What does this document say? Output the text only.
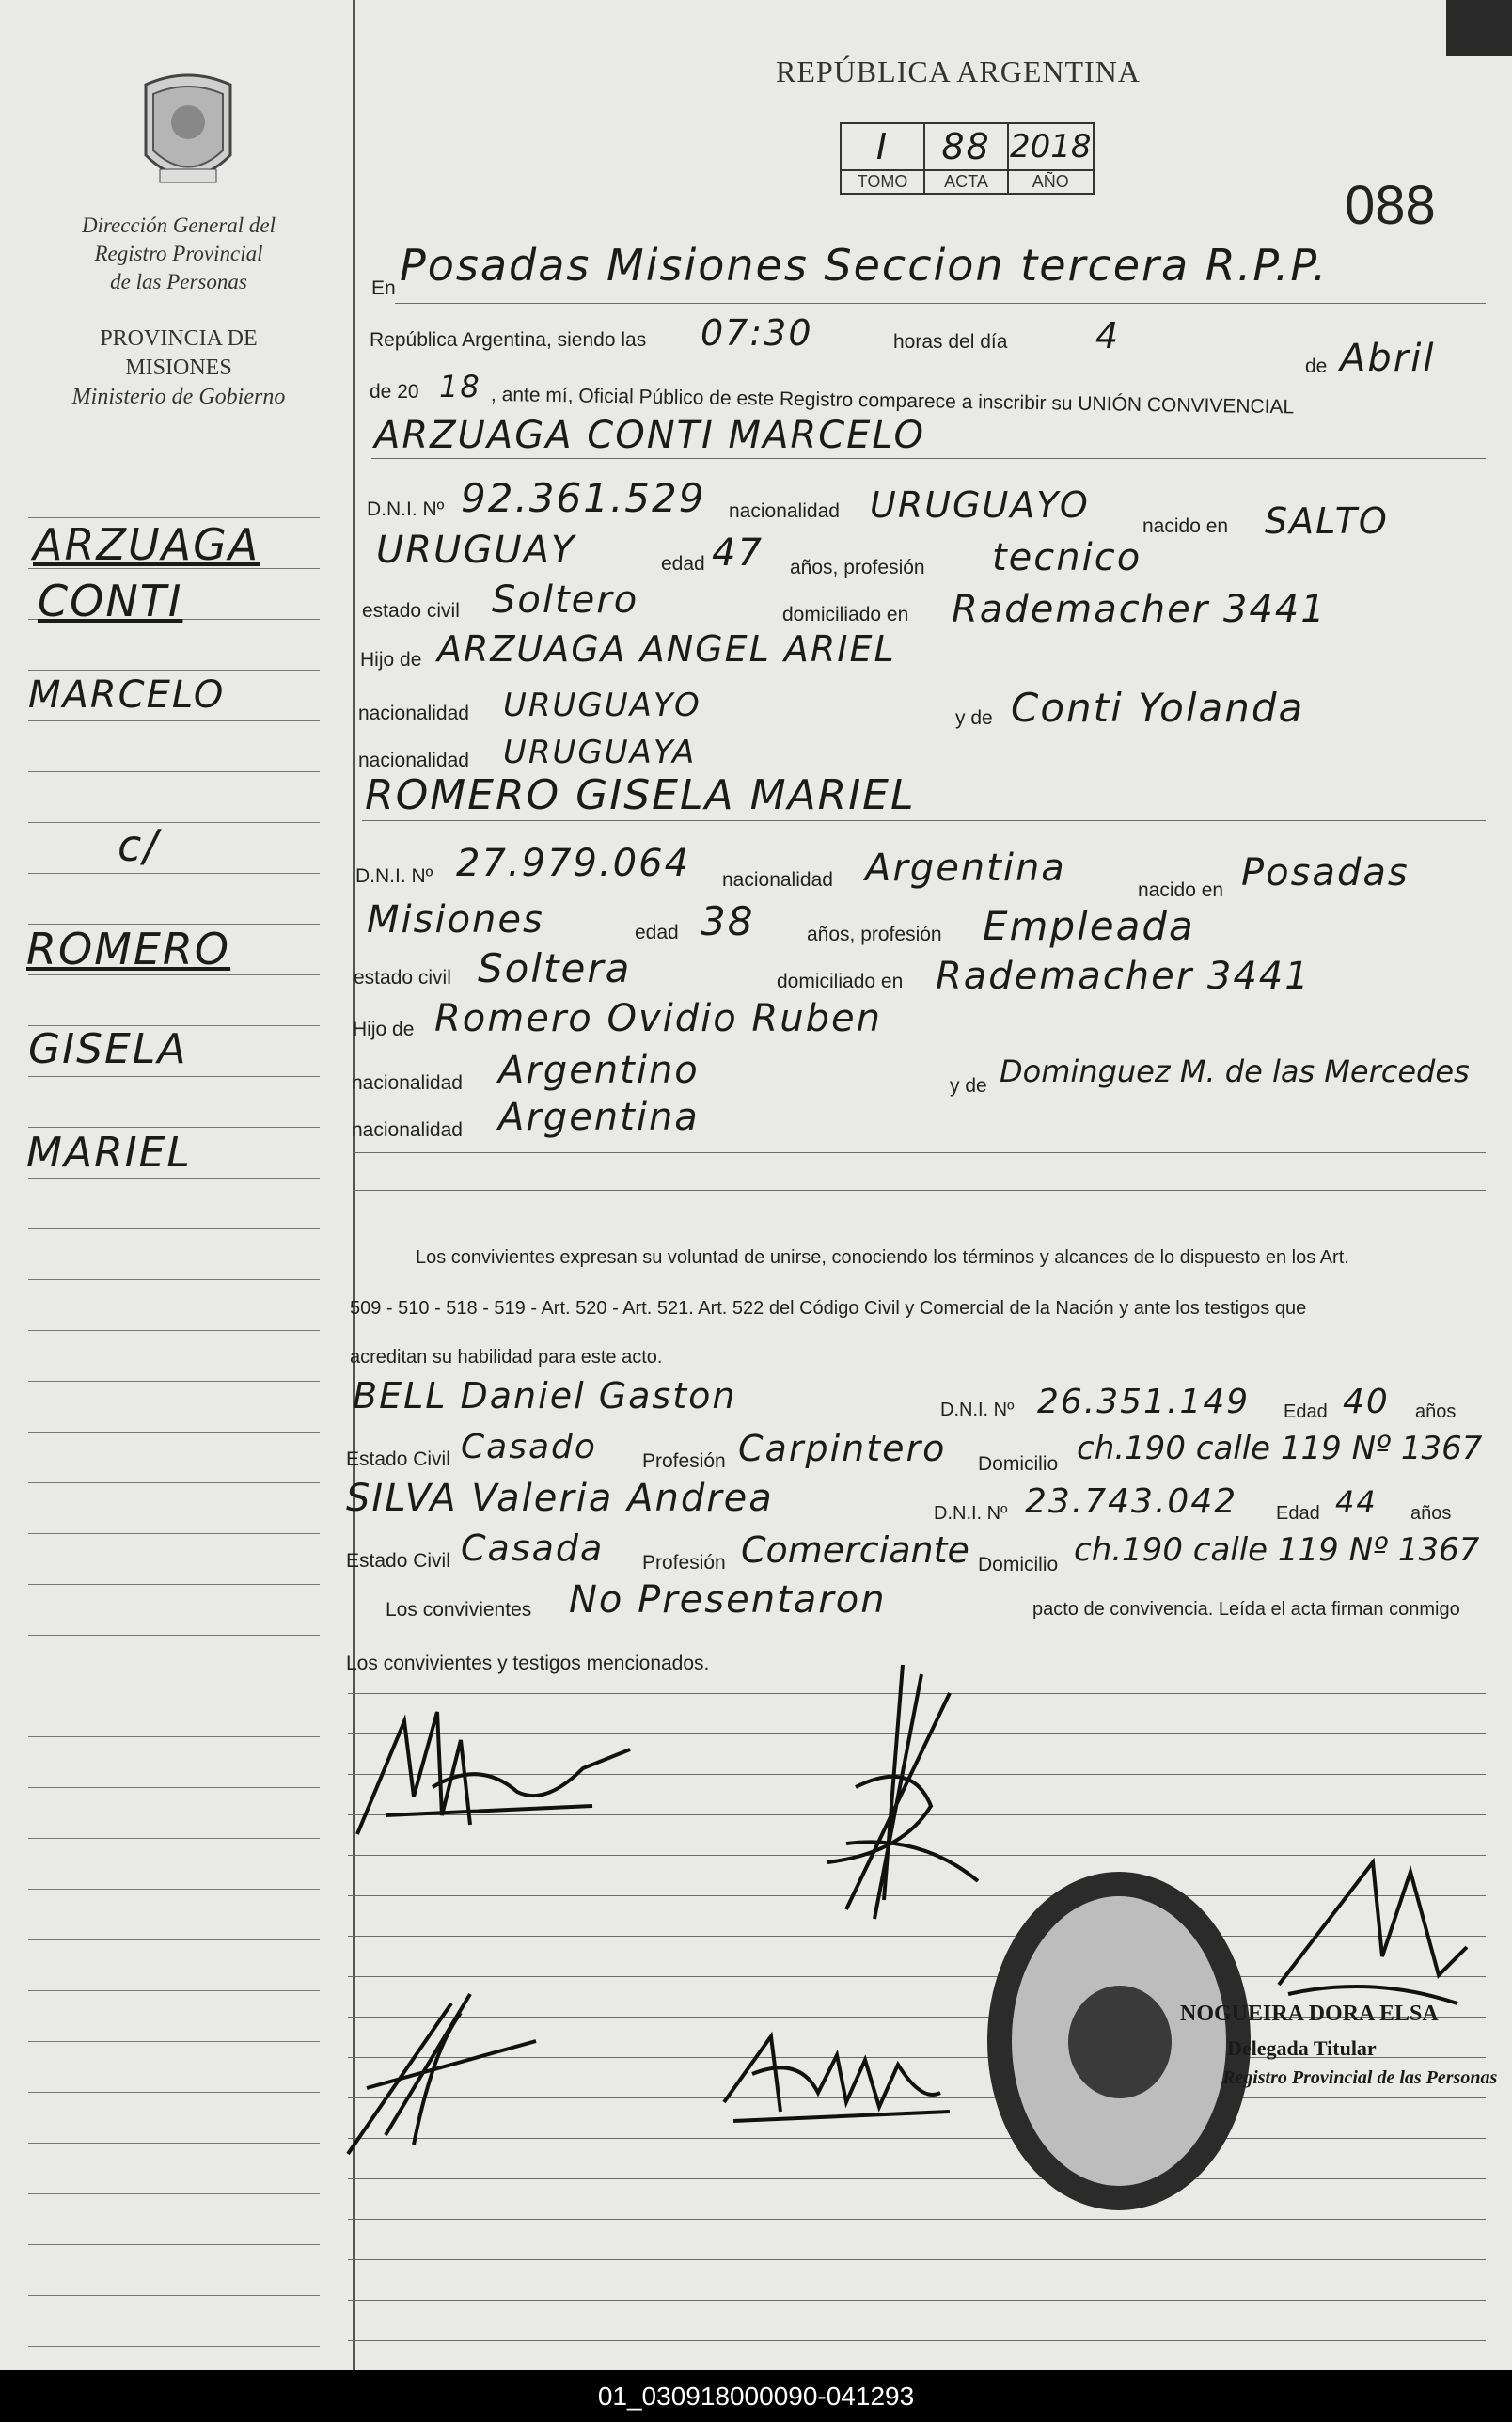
Dirección General del
Registro Provincial
de las Personas
PROVINCIA DE
MISIONES
Ministerio de Gobierno
ARZUAGA
CONTI
MARCELO
c/
ROMERO
GISELA
MARIEL
REPÚBLICA ARGENTINA
I	88	2018
TOMO	ACTA	AÑO	088
En Posadas Misiones Seccion tercera R.P.P.
República Argentina, siendo las 07:30	horas del día 4
de Abril
de 20 18 , ante mí, Oficial Público de este Registro comparece a inscribir su UNIÓN CONVIVENCIAL
ARZUAGA CONTI MARCELO
D.N.I. Nº 92.361.529 nacionalidad URUGUAYO
nacido en SALTO
URUGUAY	edad 47 años, profesión tecnico
estado civil Soltero	domiciliado en Rademacher 3441
Hijo de ARZUAGA ANGEL ARIEL
nacionalidad URUGUAYO	y de Conti Yolanda
nacionalidad URUGUAYA
ROMERO GISELA MARIEL
D.N.I. Nº 27.979.064 nacionalidad Argentina
nacido en Posadas
Misiones	edad 38	años, profesión Empleada
estado civil Soltera	domiciliado en Rademacher 3441
Hijo de Romero Ovidio Ruben
nacionalidad Argentino	y de Dominguez M. de las Mercedes
nacionalidad Argentina
Los convivientes expresan su voluntad de unirse, conociendo los términos y alcances de lo dispuesto en los Art.
509 - 510 - 518 - 519 - Art. 520 - Art. 521. Art. 522 del Código Civil y Comercial de la Nación y ante los testigos que
acreditan su habilidad para este acto.
BELL Daniel Gaston	D.N.I. Nº 26.351.149 Edad 40 años
Estado Civil Casado Profesión Carpintero Domicilio ch.190 calle 119 Nº 1367
SILVA Valeria Andrea	D.N.I. Nº 23.743.042 Edad 44 años
Estado Civil Casada Profesión Comerciante Domicilio ch.190 calle 119 Nº 1367
Los convivientes No Presentaron	pacto de convivencia. Leída el acta firman conmigo
Los convivientes y testigos mencionados.
NOGUEIRA DORA ELSA
Delegada Titular
Registro Provincial de las Personas
01_030918000090-041293
